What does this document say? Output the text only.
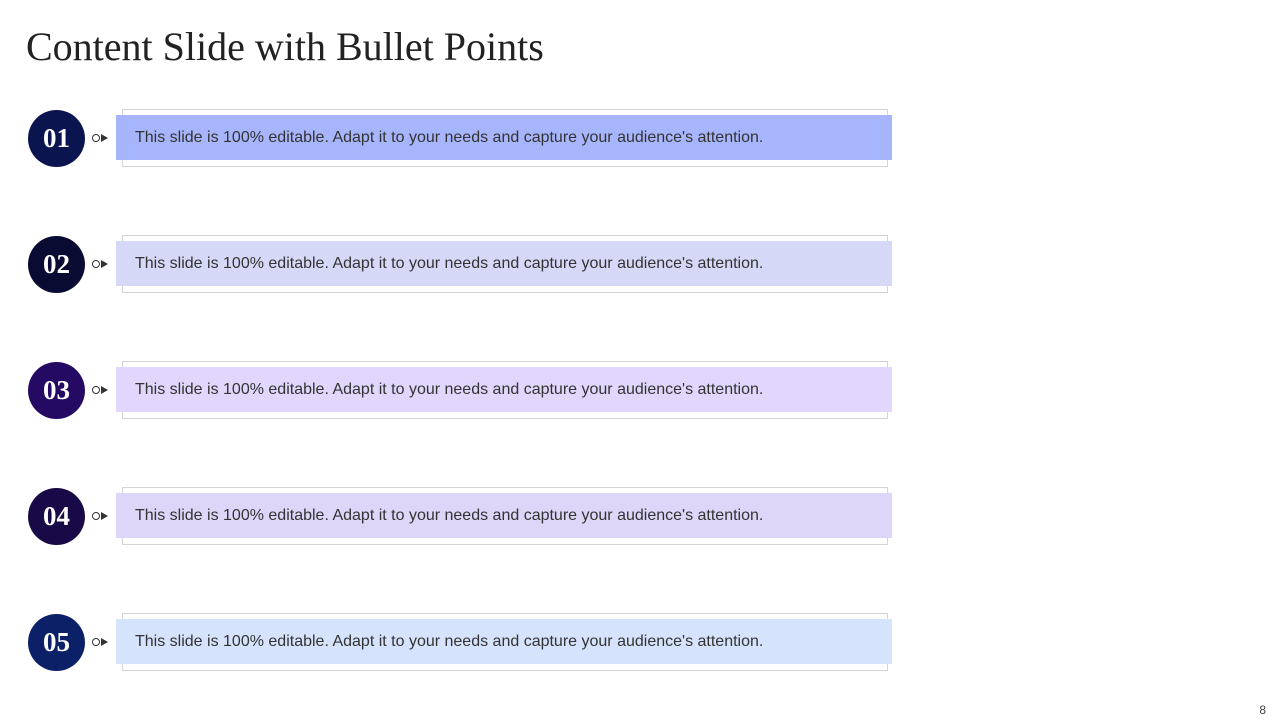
Content Slide with Bullet Points
01	This slide is 100% editable. Adapt it to your needs and capture your audience's attention.
02	This slide is 100% editable. Adapt it to your needs and capture your audience's attention.
03	This slide is 100% editable. Adapt it to your needs and capture your audience's attention.
04	This slide is 100% editable. Adapt it to your needs and capture your audience's attention.
05	This slide is 100% editable. Adapt it to your needs and capture your audience's attention.
8
